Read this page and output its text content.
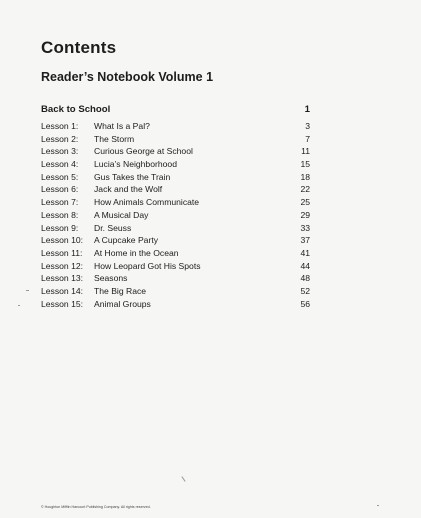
Contents
Reader’s Notebook Volume 1
Back to School	1
Lesson 1: What Is a Pal?	3
Lesson 2: The Storm	7
Lesson 3: Curious George at School	11
Lesson 4: Lucia’s Neighborhood	15
Lesson 5: Gus Takes the Train	18
Lesson 6: Jack and the Wolf	22
Lesson 7: How Animals Communicate	25
Lesson 8: A Musical Day	29
Lesson 9: Dr. Seuss	33
Lesson 10: A Cupcake Party	37
Lesson 11: At Home in the Ocean	41
Lesson 12: How Leopard Got His Spots	44
Lesson 13: Seasons	48
Lesson 14: The Big Race	52
Lesson 15: Animal Groups	56
© Houghton Mifflin Harcourt Publishing Company. All rights reserved.
